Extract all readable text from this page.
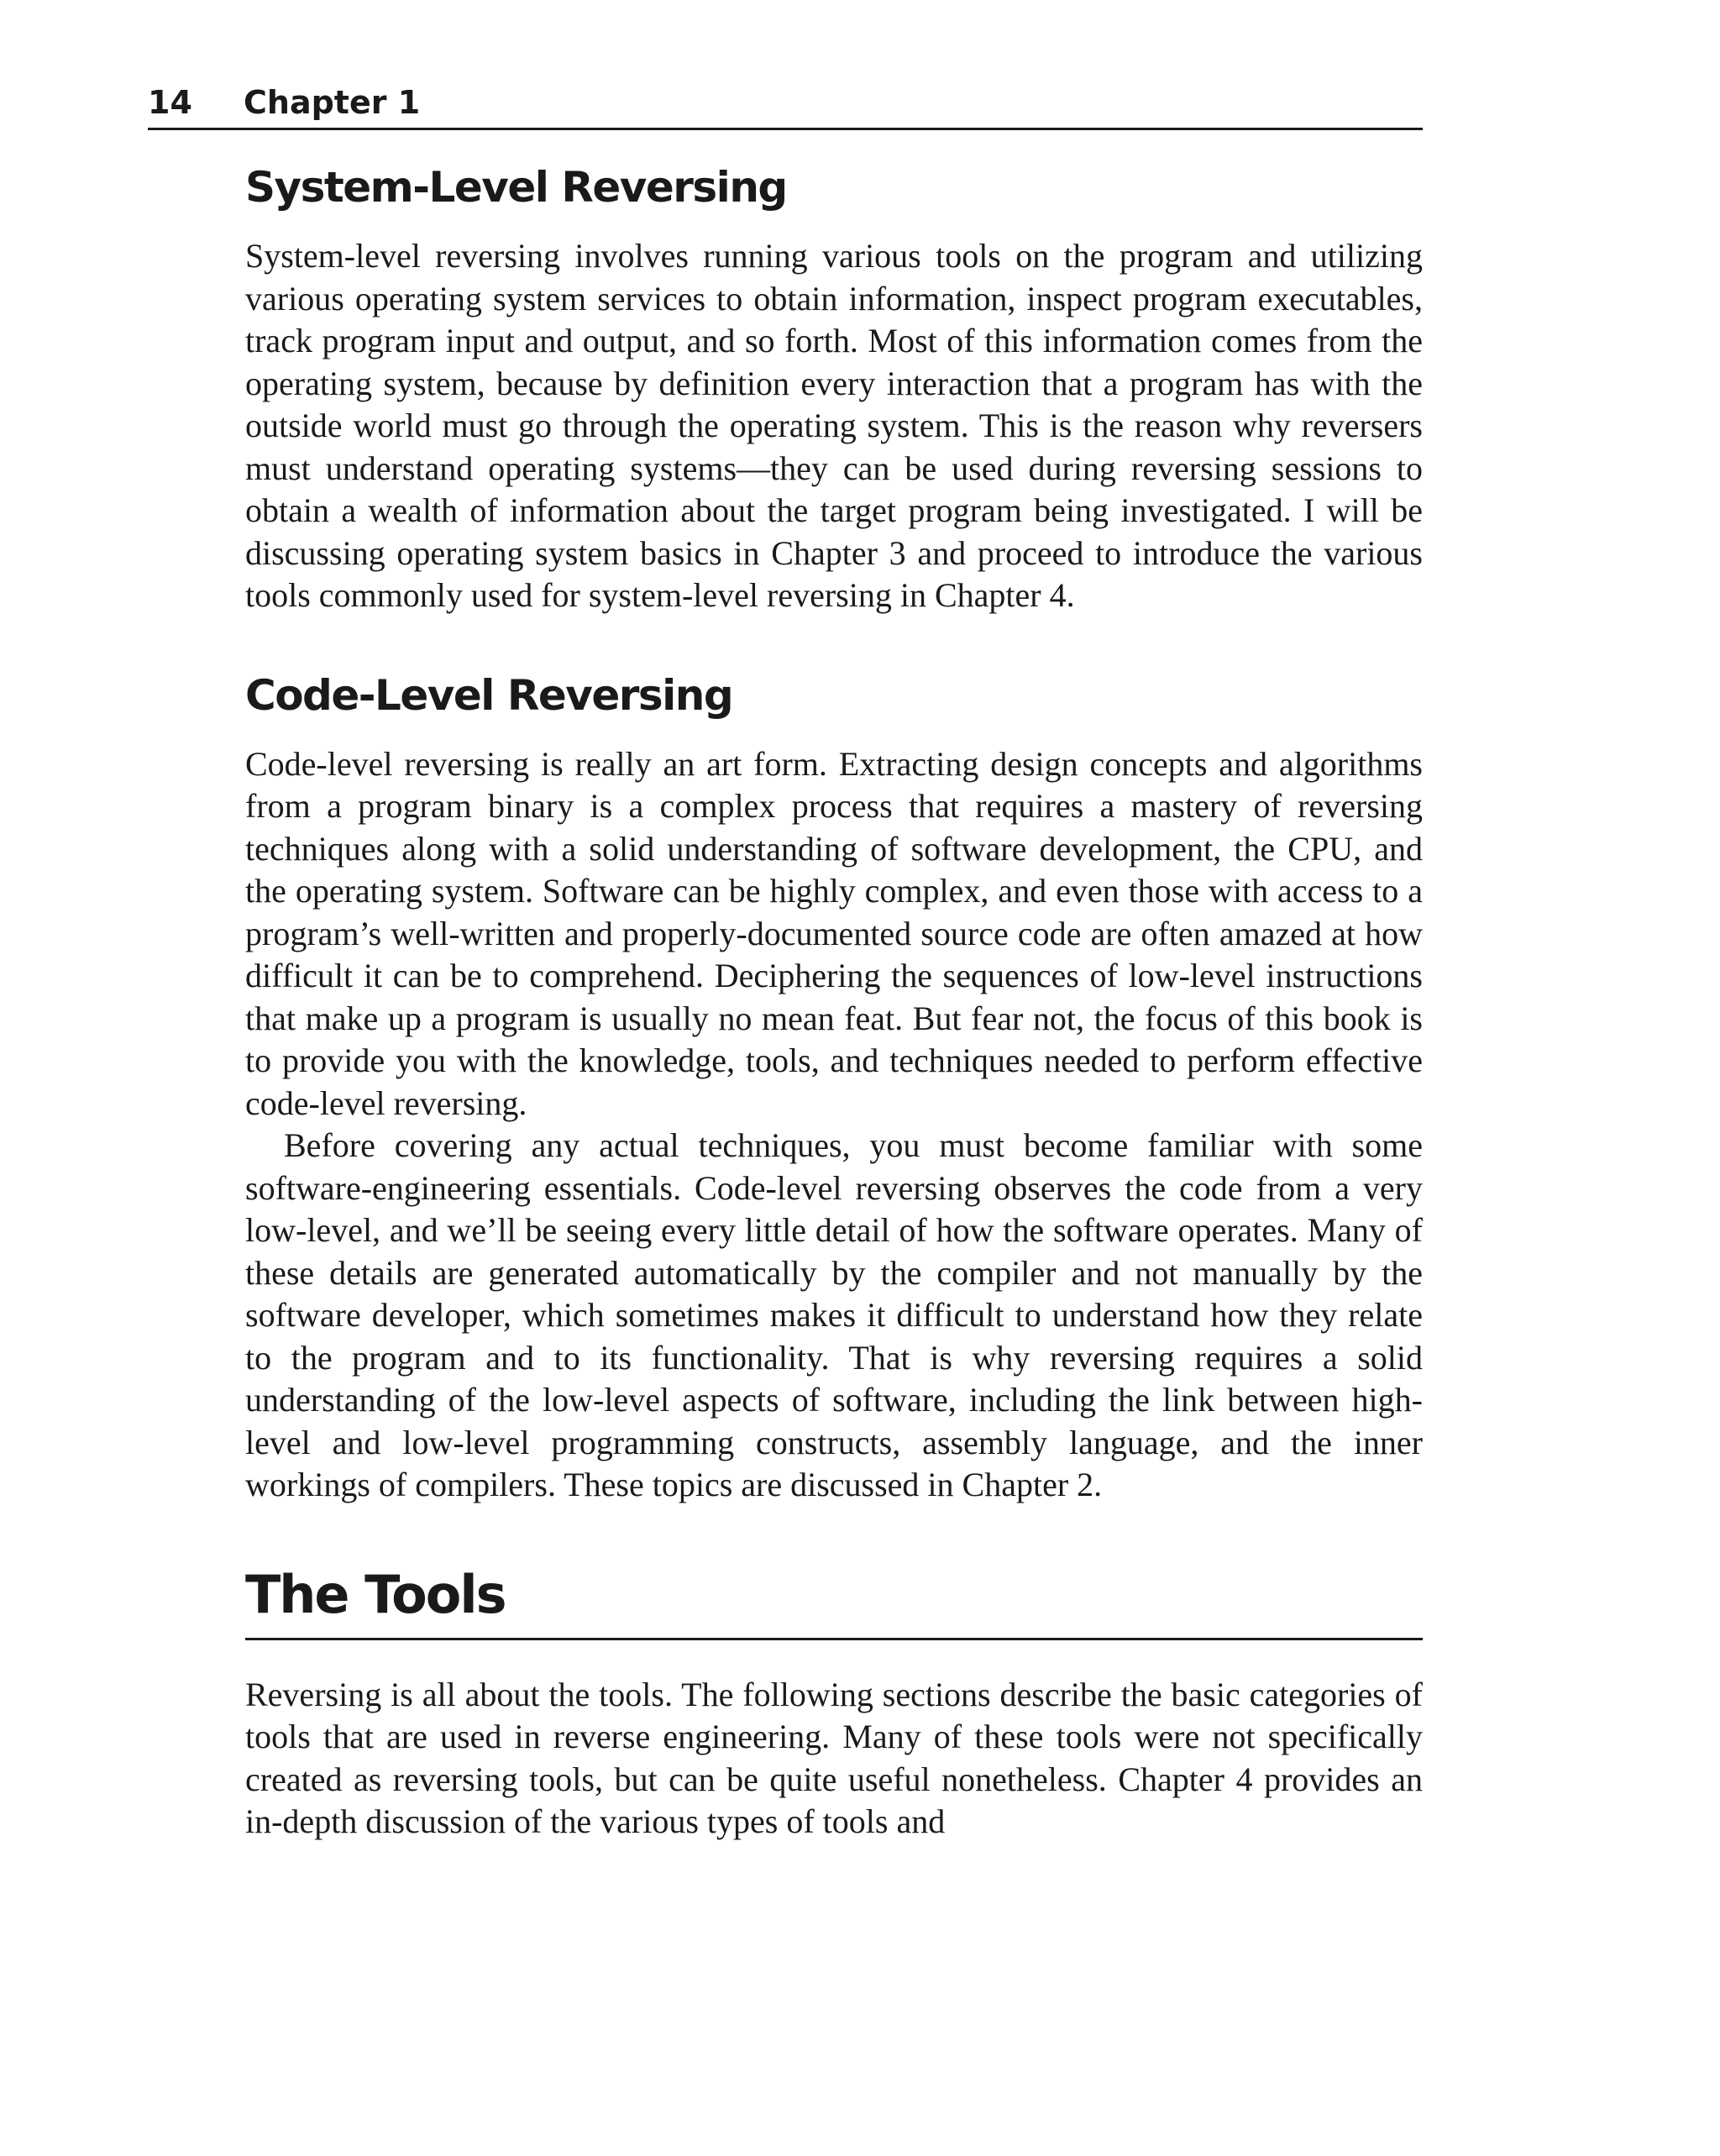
14 Chapter 1
System-Level Reversing

System-level reversing involves running various tools on the program and utilizing various operating system services to obtain information, inspect program executables, track program input and output, and so forth. Most of this information comes from the operating system, because by definition every interaction that a program has with the outside world must go through the operating system. This is the reason why reversers must understand operating systems—they can be used during reversing sessions to obtain a wealth of information about the target program being investigated. I will be discussing operating system basics in Chapter 3 and proceed to introduce the various tools commonly used for system-level reversing in Chapter 4.

Code-Level Reversing

Code-level reversing is really an art form. Extracting design concepts and algorithms from a program binary is a complex process that requires a mastery of reversing techniques along with a solid understanding of software development, the CPU, and the operating system. Software can be highly complex, and even those with access to a program’s well-written and properly-documented source code are often amazed at how difficult it can be to comprehend. Deciphering the sequences of low-level instructions that make up a program is usually no mean feat. But fear not, the focus of this book is to provide you with the knowledge, tools, and techniques needed to perform effective code-level reversing.

Before covering any actual techniques, you must become familiar with some software-engineering essentials. Code-level reversing observes the code from a very low-level, and we’ll be seeing every little detail of how the software operates. Many of these details are generated automatically by the compiler and not manually by the software developer, which sometimes makes it difficult to understand how they relate to the program and to its functionality. That is why reversing requires a solid understanding of the low-level aspects of software, including the link between high-level and low-level programming constructs, assembly language, and the inner workings of compilers. These topics are discussed in Chapter 2.

The Tools

Reversing is all about the tools. The following sections describe the basic categories of tools that are used in reverse engineering. Many of these tools were not specifically created as reversing tools, but can be quite useful nonetheless. Chapter 4 provides an in-depth discussion of the various types of tools and
